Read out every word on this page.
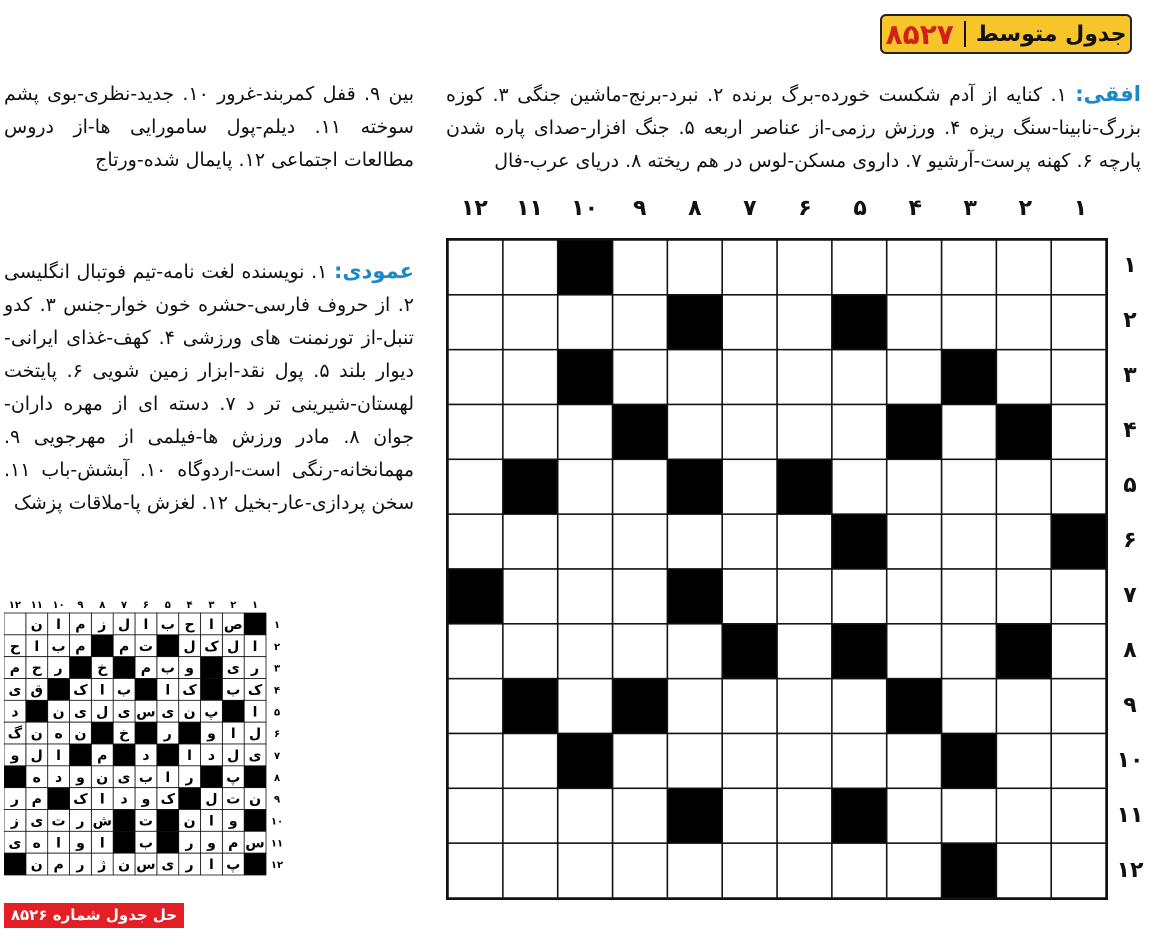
جدول متوسط
۸۵۲۷
افقی: ۱. کنایه از آدم شکست خورده-برگ برنده ۲. نبرد-برنج-ماشین جنگی ۳. کوزه بزرگ-نابینا-سنگ ریزه ۴. ورزش رزمی-از عناصر اربعه ۵. جنگ افزار-صدای پاره شدن پارچه ۶. کهنه پرست-آرشیو ۷. داروی مسکن-لوس در هم ریخته ۸. دریای عرب-فال
بین ۹. قفل کمربند-غرور ۱۰. جدید-نظری-بوی پشم سوخته ۱۱. دیلم-پول سامورایی ها-از دروس مطالعات اجتماعی ۱۲. پایمال شده-ورتاج
عمودی: ۱. نویسنده لغت نامه-تیم فوتبال انگلیسی ۲. از حروف فارسی-حشره خون خوار-جنس ۳. کدو تنبل-از تورنمنت های ورزشی ۴. کهف-غذای ایرانی-دیوار بلند ۵. پول نقد-ابزار زمین شویی ۶. پایتخت لهستان-شیرینی تر د ۷. دسته ای از مهره داران-جوان ۸. مادر ورزش ها-فیلمی از مهرجویی ۹. مهمانخانه-رنگی است-اردوگاه ۱۰. آبشش-باب ۱۱. سخن پردازی-عار-بخیل ۱۲. لغزش پا-ملاقات پزشک
۱
۲
۳
۴
۵
۶
۷
۸
۹
۱۰
۱۱
۱۲
۱
۲
۳
۴
۵
۶
۷
۸
۹
۱۰
۱۱
۱۲
۱
۲
۳
۴
۵
۶
۷
۸
۹
۱۰
۱۱
۱۲
۱
۲
۳
۴
۵
۶
۷
۸
۹
۱۰
۱۱
۱۲
ص
ا
ح
ب
ا
ل
ز
م
ا
ن
ا
ل
ک
ل
ت
م
م
ب
ا
ح
ر
ی
و
ب
م
خ
ر
ح
م
ک
ب
ک
ا
ب
ا
ک
ق
ی
ا
پ
ن
ی
س
ی
ل
ی
ن
د
ل
ا
و
ر
خ
ن
ه
ن
گ
ی
ل
د
ا
د
م
ا
ل
و
پ
ر
ا
ب
ی
ن
و
د
ه
ن
ت
ل
ک
و
د
ا
ک
م
ر
و
ا
ن
ت
ش
ر
ت
ی
ز
س
م
و
ر
ب
ا
و
ا
ه
ی
پ
ا
ر
ی
س
ن
ژ
ر
م
ن
حل جدول شماره ۸۵۲۶
